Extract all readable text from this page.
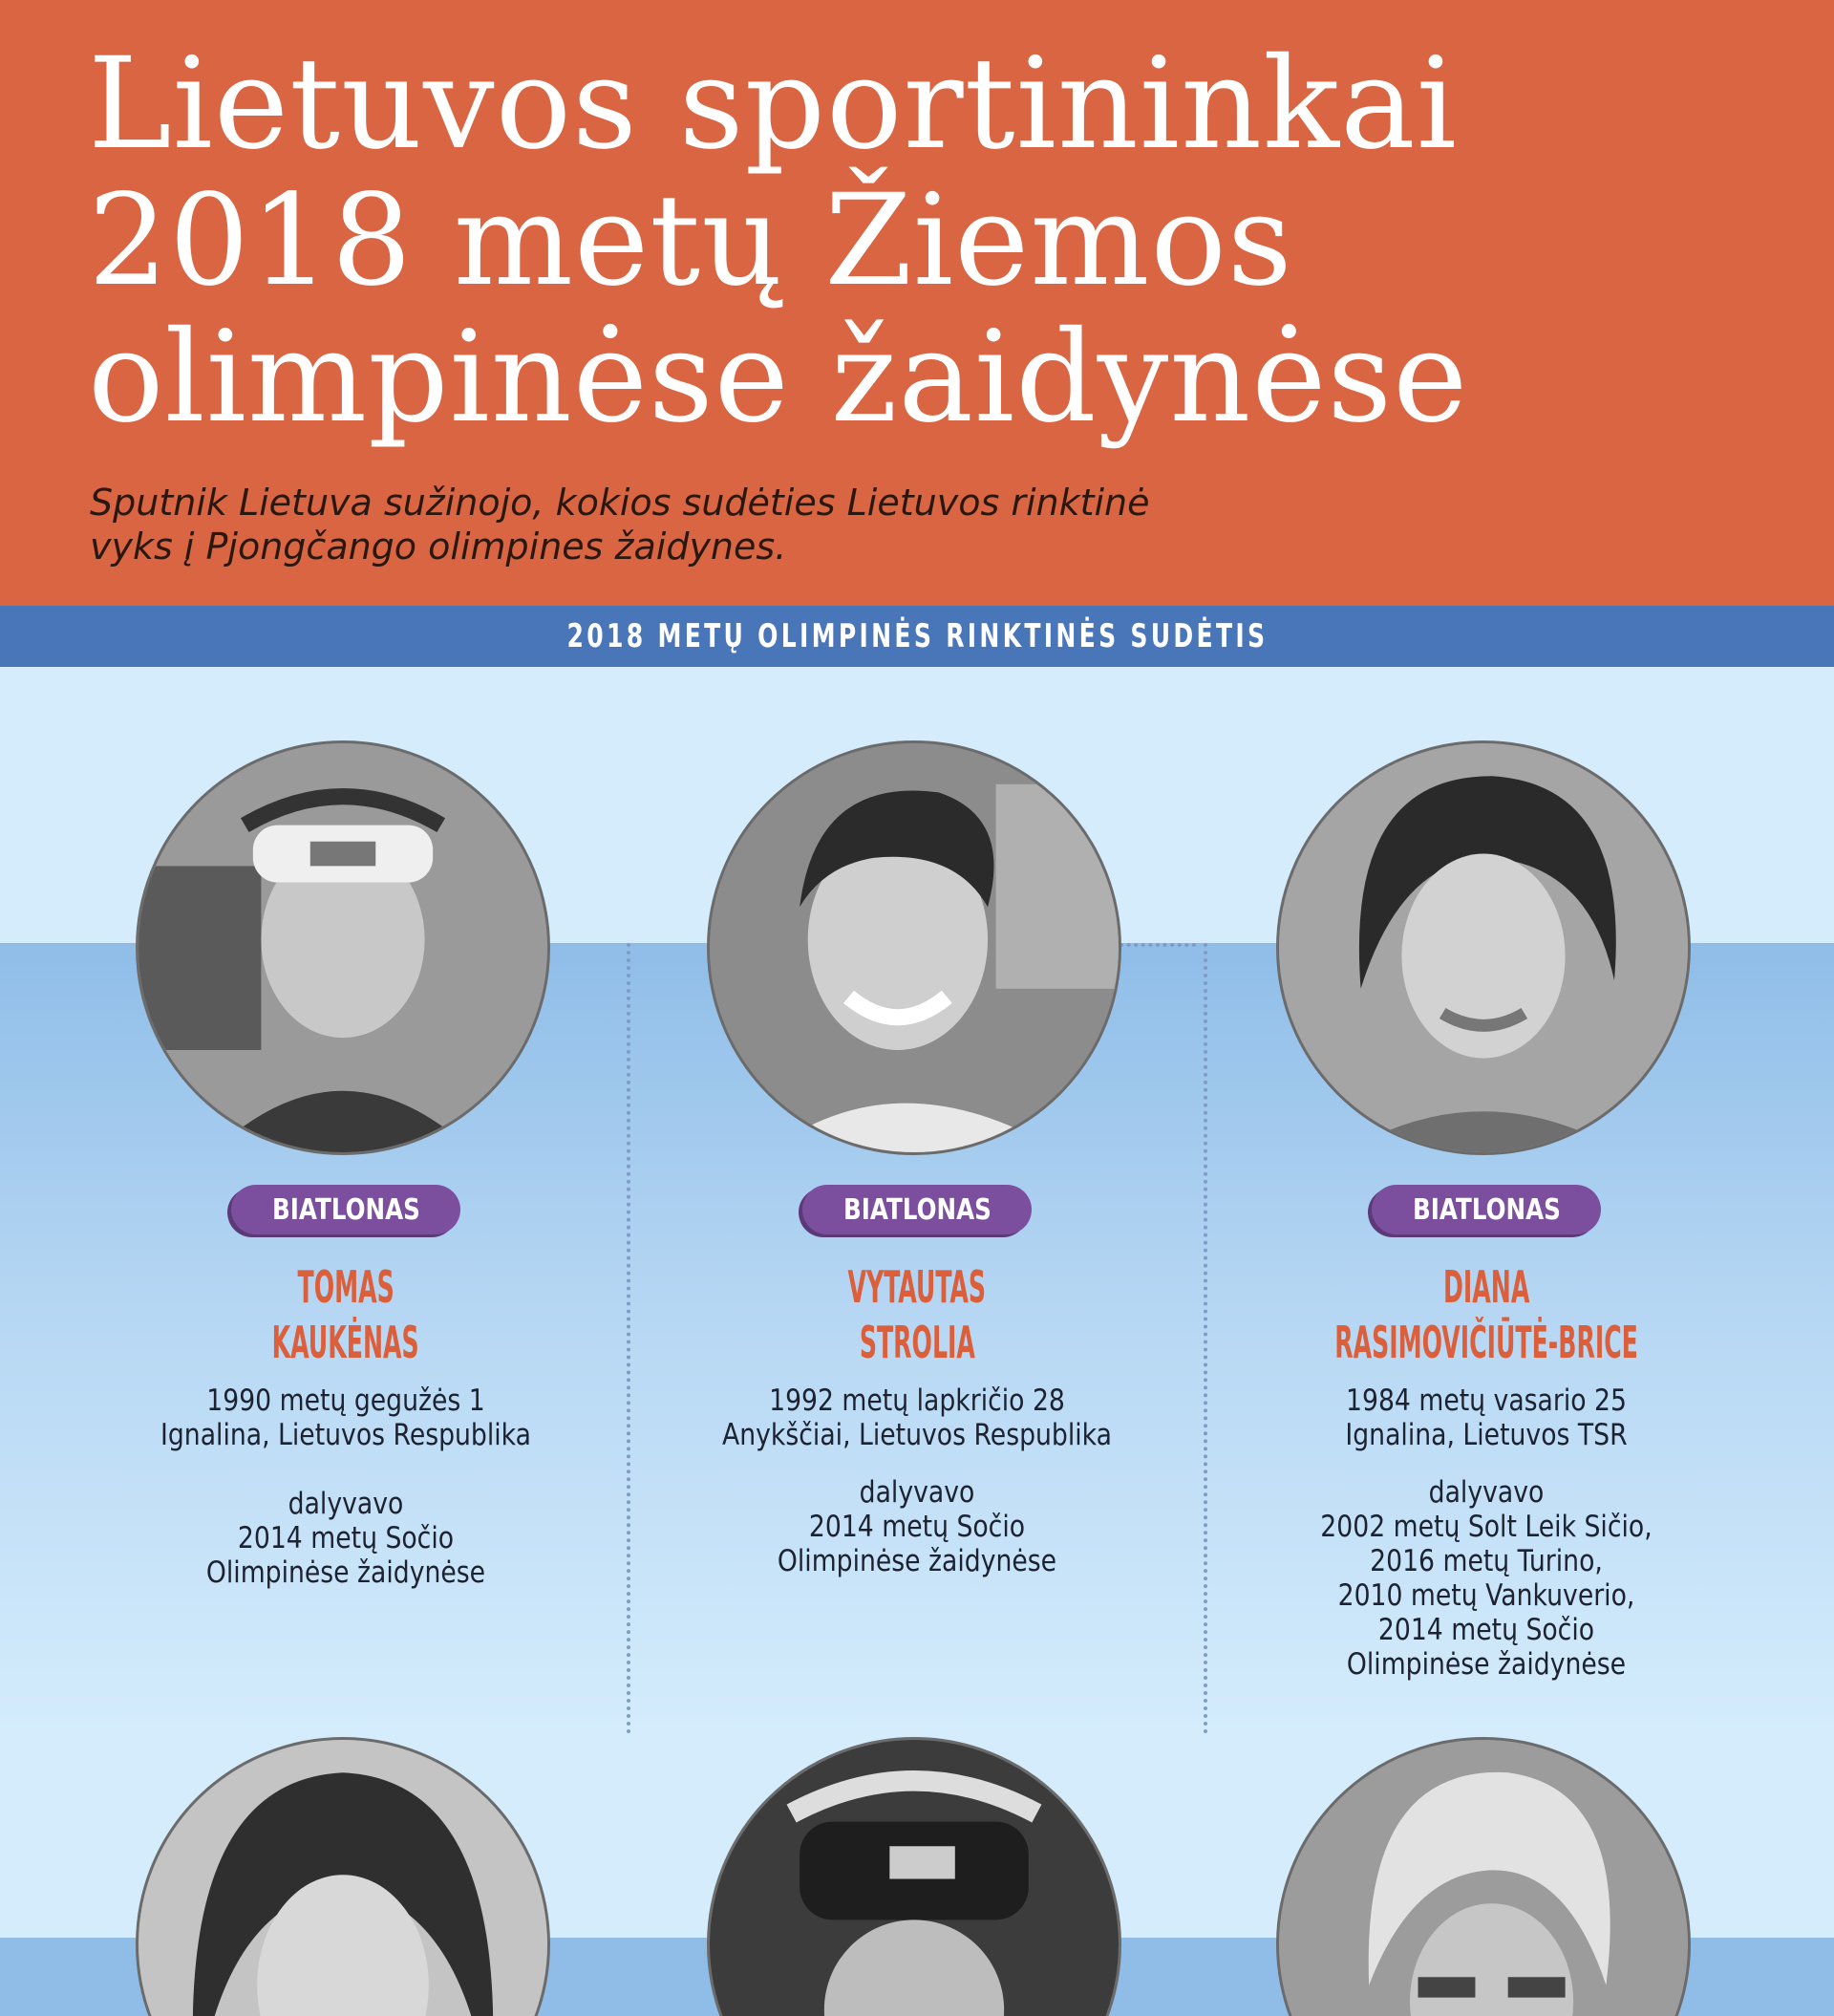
Lietuvos sportininkai
2018 metų Žiemos
olimpinėse žaidynėse

Sputnik Lietuva sužinojo, kokios sudėties Lietuvos rinktinė
vyks į Pjongčango olimpines žaidynes.

2018 METŲ OLIMPINĖS RINKTINĖS SUDĖTIS
BIATLONAS
TOMAS
KAUKĖNAS
1990 metų gegužės 1
Ignalina, Lietuvos Respublika
dalyvavo
2014 metų Sočio
Olimpinėse žaidynėse
BIATLONAS
VYTAUTAS
STROLIA
1992 metų lapkričio 28
Anykščiai, Lietuvos Respublika
dalyvavo
2014 metų Sočio
Olimpinėse žaidynėse
BIATLONAS
DIANA
RASIMOVIČIŪTĖ-BRICE
1984 metų vasario 25
Ignalina, Lietuvos TSR
dalyvavo
2002 metų Solt Leik Sičio,
2016 metų Turino,
2010 metų Vankuverio,
2014 metų Sočio
Olimpinėse žaidynėse
